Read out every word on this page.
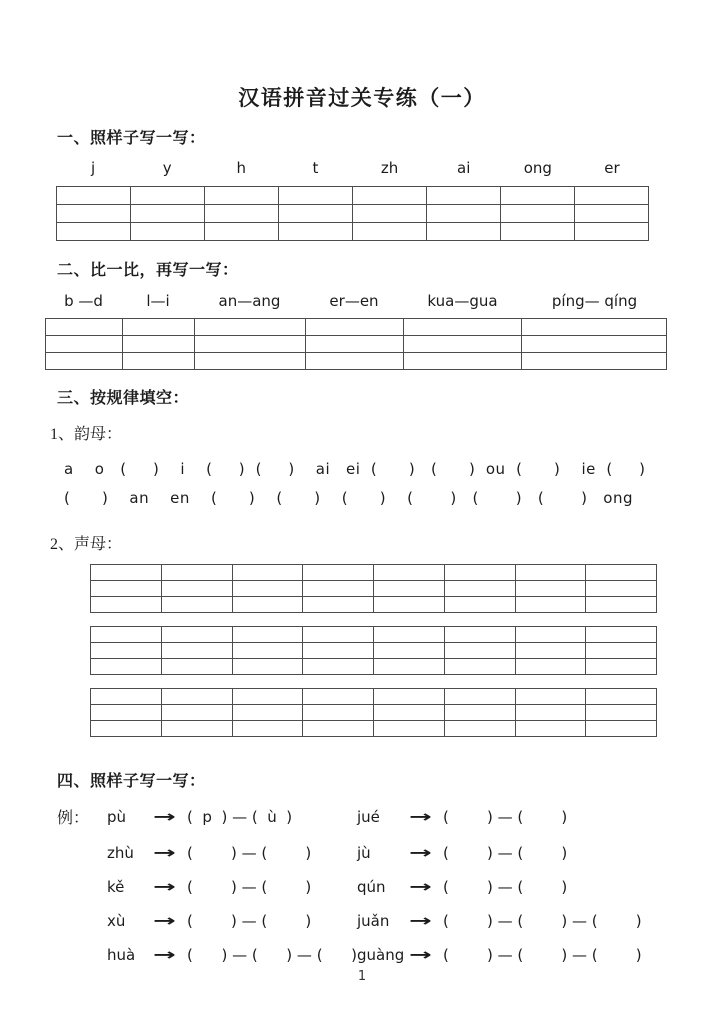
汉语拼音过关专练（一）
一、照样子写一写：
j	y	h	t	zh	ai	ong	er

二、比一比，再写一写：
b —d	l—i	an—ang	er—en	kua—gua	píng— qíng

三、按规律填空：
1、韵母：
a    o   (     )    i    (     )  (     )    ai   ei  (      )   (      )  ou  (      )    ie  (     )
(      )    an    en    (      )    (      )    (      )    (       )   (       )   (       )   ong
2、声母：

四、照样子写一写：
例：	pù	→ (  p  ) — (  ù  )	jué	→ (        ) — (        )
zhù	→ (        ) — (        )	jù	→ (        ) — (        )
kě	→ (        ) — (        )	qún	→ (        ) — (        )
xù	→ (        ) — (        )	juǎn	→ (        ) — (        ) — (        )
huà	→ (      ) — (      ) — (      ) guàng → (        ) — (        ) — (        )
1
